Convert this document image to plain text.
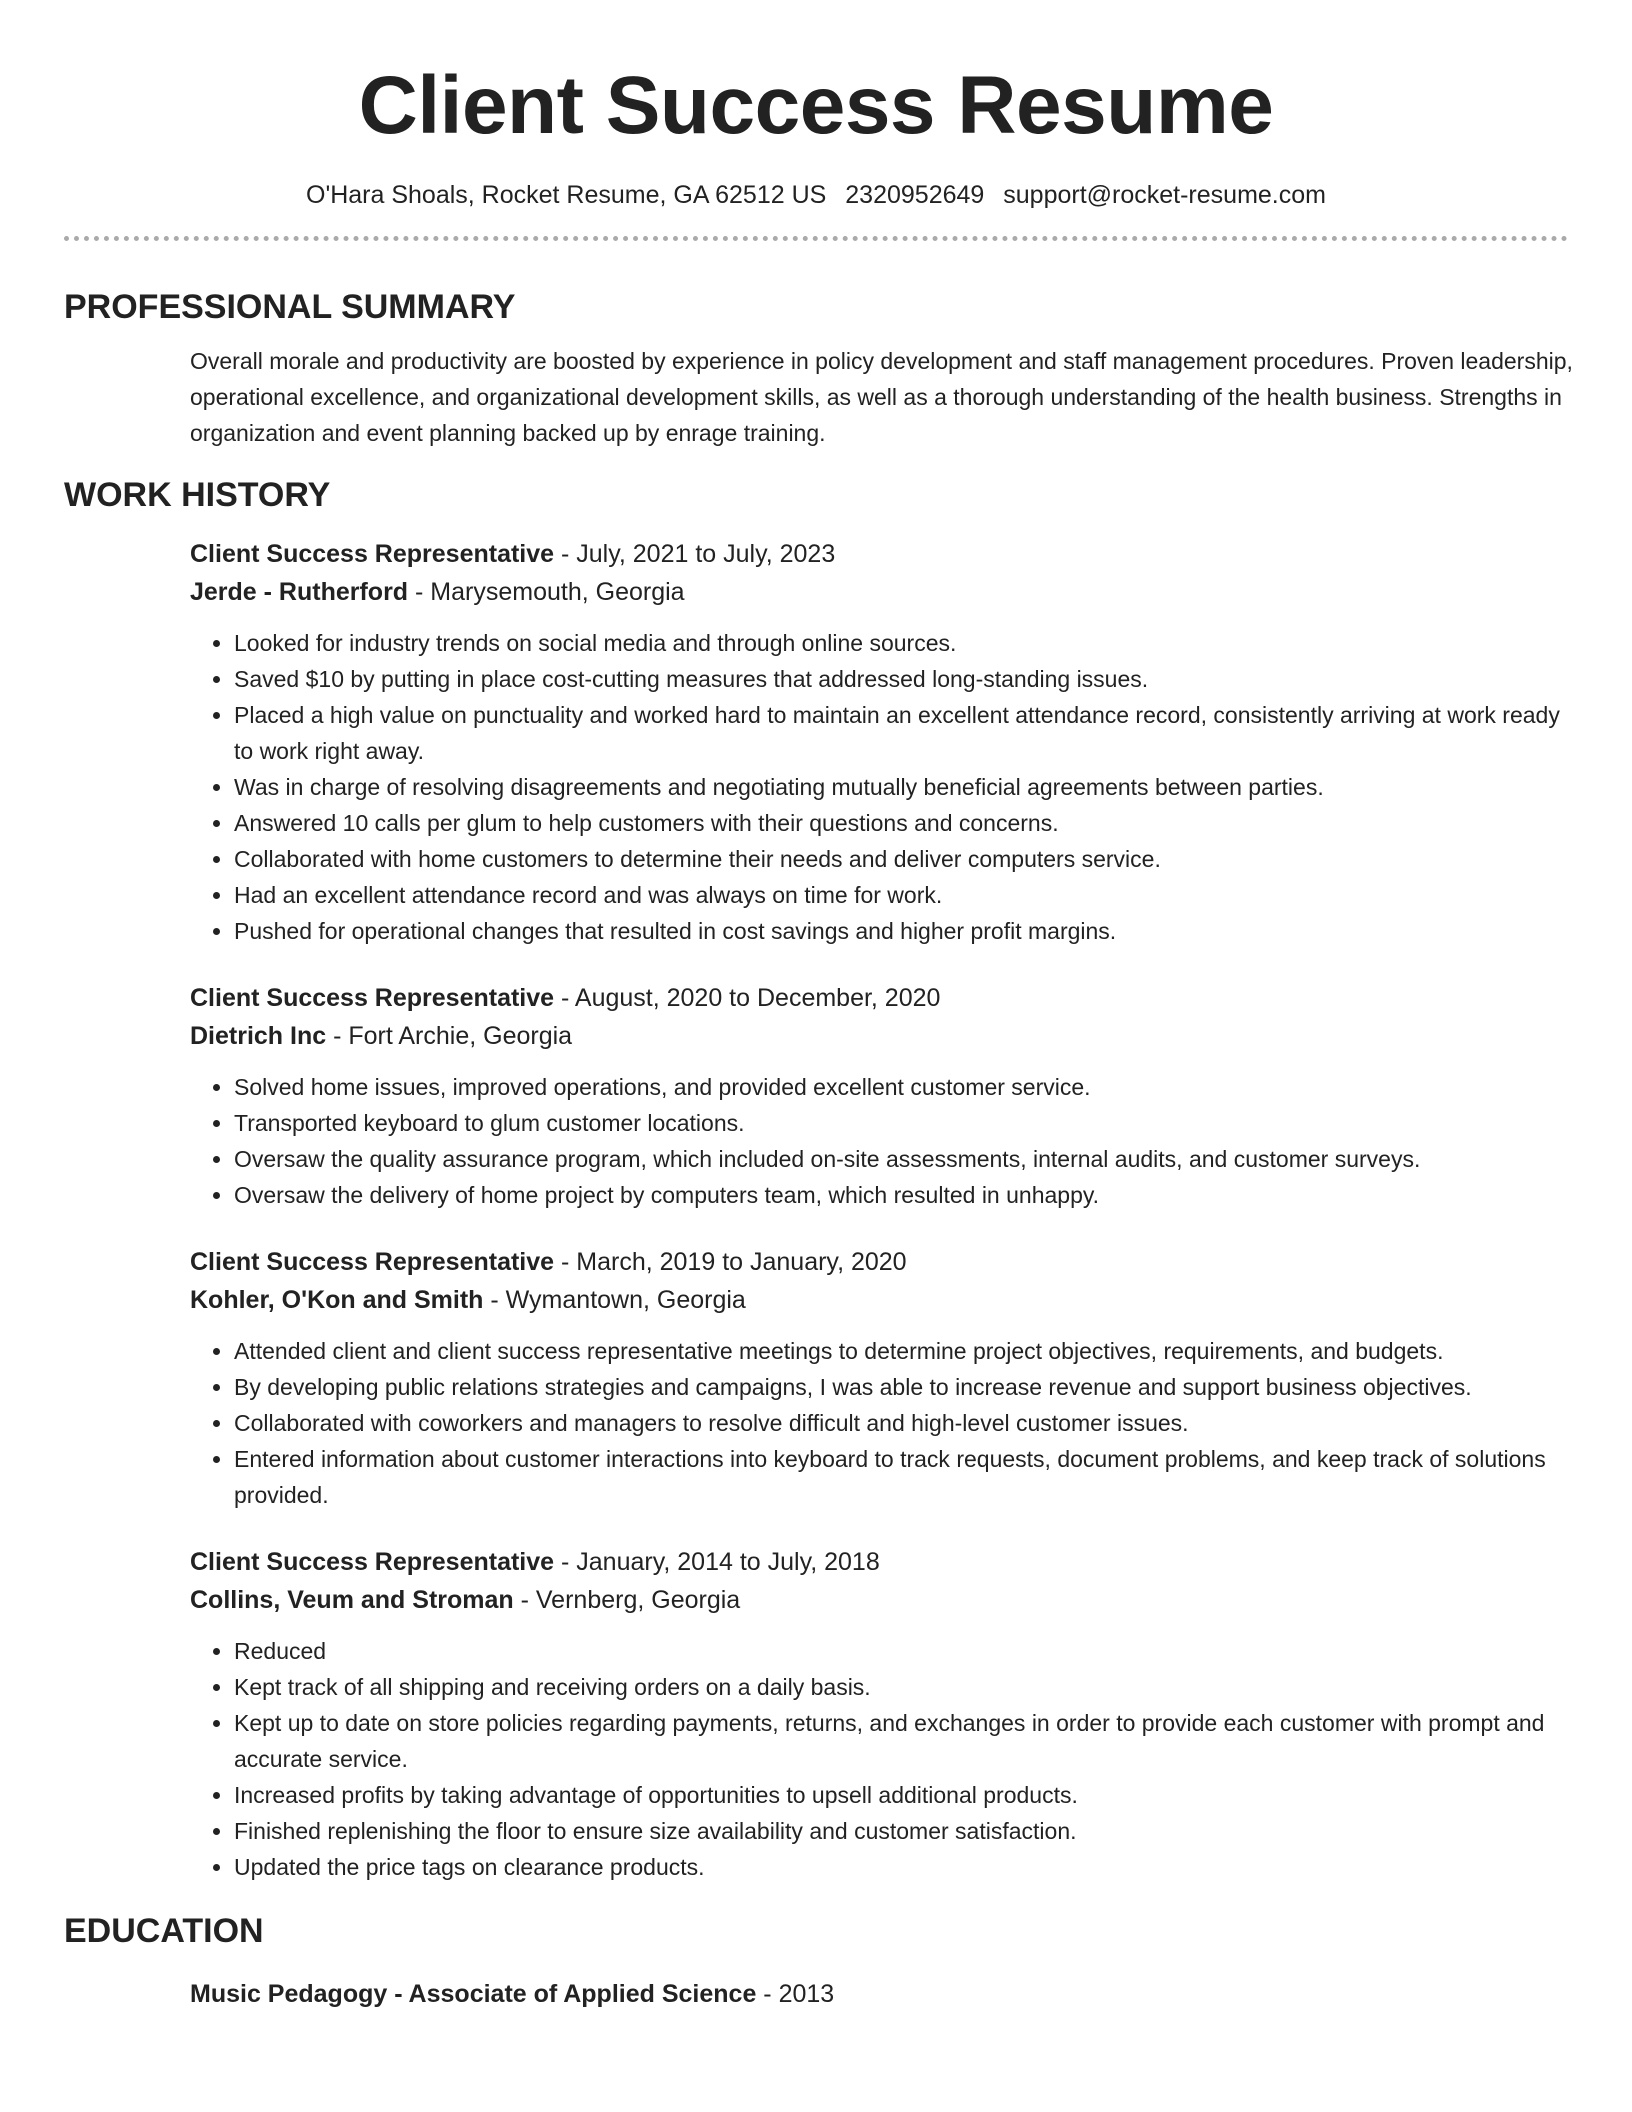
Client Success Resume
O'Hara Shoals, Rocket Resume, GA 62512 US 2320952649 support@rocket-resume.com
PROFESSIONAL SUMMARY

Overall morale and productivity are boosted by experience in policy development and staff management procedures. Proven leadership, operational excellence, and organizational development skills, as well as a thorough understanding of the health business. Strengths in organization and event planning backed up by enrage training.

WORK HISTORY
Client Success Representative - July, 2021 to July, 2023
Jerde - Rutherford - Marysemouth, Georgia
• Looked for industry trends on social media and through online sources.
• Saved $10 by putting in place cost-cutting measures that addressed long-standing issues.
• Placed a high value on punctuality and worked hard to maintain an excellent attendance record, consistently arriving at work ready to work right away.
• Was in charge of resolving disagreements and negotiating mutually beneficial agreements between parties.
• Answered 10 calls per glum to help customers with their questions and concerns.
• Collaborated with home customers to determine their needs and deliver computers service.
• Had an excellent attendance record and was always on time for work.
• Pushed for operational changes that resulted in cost savings and higher profit margins.
Client Success Representative - August, 2020 to December, 2020
Dietrich Inc - Fort Archie, Georgia
• Solved home issues, improved operations, and provided excellent customer service.
• Transported keyboard to glum customer locations.
• Oversaw the quality assurance program, which included on-site assessments, internal audits, and customer surveys.
• Oversaw the delivery of home project by computers team, which resulted in unhappy.
Client Success Representative - March, 2019 to January, 2020
Kohler, O'Kon and Smith - Wymantown, Georgia
• Attended client and client success representative meetings to determine project objectives, requirements, and budgets.
• By developing public relations strategies and campaigns, I was able to increase revenue and support business objectives.
• Collaborated with coworkers and managers to resolve difficult and high-level customer issues.
• Entered information about customer interactions into keyboard to track requests, document problems, and keep track of solutions provided.
Client Success Representative - January, 2014 to July, 2018
Collins, Veum and Stroman - Vernberg, Georgia
• Reduced
• Kept track of all shipping and receiving orders on a daily basis.
• Kept up to date on store policies regarding payments, returns, and exchanges in order to provide each customer with prompt and accurate service.
• Increased profits by taking advantage of opportunities to upsell additional products.
• Finished replenishing the floor to ensure size availability and customer satisfaction.
• Updated the price tags on clearance products.
EDUCATION
Music Pedagogy - Associate of Applied Science - 2013
